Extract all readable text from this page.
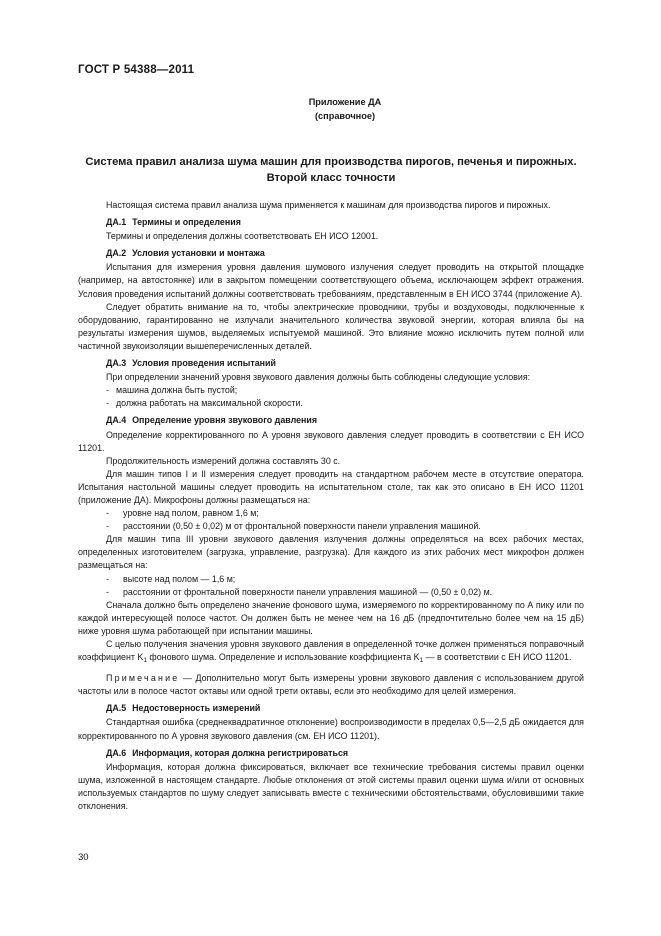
ГОСТ Р 54388—2011
Приложение ДА
(справочное)
Система правил анализа шума машин для производства пирогов, печенья и пирожных.
Второй класс точности

Настоящая система правил анализа шума применяется к машинам для производства пирогов и пирожных.

ДА.1 Термины и определения

Термины и определения должны соответствовать ЕН ИСО 12001.

ДА.2 Условия установки и монтажа

Испытания для измерения уровня давления шумового излучения следует проводить на открытой площадке (например, на автостоянке) или в закрытом помещении соответствующего объема, исключающем эффект отражения. Условия проведения испытаний должны соответствовать требованиям, представленным в ЕН ИСО 3744 (приложение А).

Следует обратить внимание на то, чтобы электрические проводники, трубы и воздуховоды, подключенные к оборудованию, гарантированно не излучали значительного количества звуковой энергии, которая влияла бы на результаты измерения шумов, выделяемых испытуемой машиной. Это влияние можно исключить путем полной или частичной звукоизоляции вышеперечисленных деталей.

ДА.3 Условия проведения испытаний

При определении значений уровня звукового давления должны быть соблюдены следующие условия:

- машина должна быть пустой;

- должна работать на максимальной скорости.

ДА.4 Определение уровня звукового давления

Определение корректированного по А уровня звукового давления следует проводить в соответствии с ЕН ИСО 11201.

Продолжительность измерений должна составлять 30 с.

Для машин типов I и II измерения следует проводить на стандартном рабочем месте в отсутствие оператора. Испытания настольной машины следует проводить на испытательном столе, так как это описано в ЕН ИСО 11201 (приложение ДА). Микрофоны должны размещаться на:

- уровне над полом, равном 1,6 м;

- расстоянии (0,50 ± 0,02) м от фронтальной поверхности панели управления машиной.

Для машин типа III уровни звукового давления излучения должны определяться на всех рабочих местах, определенных изготовителем (загрузка, управление, разгрузка). Для каждого из этих рабочих мест микрофон должен размещаться на:

- высоте над полом — 1,6 м;

- расстоянии от фронтальной поверхности панели управления машиной — (0,50 ± 0,02) м.

Сначала должно быть определено значение фонового шума, измеряемого по корректированному по А пику или по каждой интересующей полосе частот. Он должен быть не менее чем на 16 дБ (предпочтительно более чем на 15 дБ) ниже уровня шума работающей при испытании машины.

С целью получения значения уровня звукового давления в определенной точке должен применяться поправочный коэффициент $K_1$ фонового шума. Определение и использование коэффициента $K_1$ — в соответствии с ЕН ИСО 11201.

Примечание — Дополнительно могут быть измерены уровни звукового давления с использованием другой частоты или в полосе частот октавы или одной трети октавы, если это необходимо для целей измерения.

ДА.5 Недостоверность измерений

Стандартная ошибка (среднеквадратичное отклонение) воспроизводимости в пределах 0,5—2,5 дБ ожидается для корректированного по А уровня звукового давления (см. ЕН ИСО 11201).

ДА.6 Информация, которая должна регистрироваться

Информация, которая должна фиксироваться, включает все технические требования системы правил оценки шума, изложенной в настоящем стандарте. Любые отклонения от этой системы правил оценки шума и/или от основных используемых стандартов по шуму следует записывать вместе с техническими обстоятельствами, обусловившими такие отклонения.

30
